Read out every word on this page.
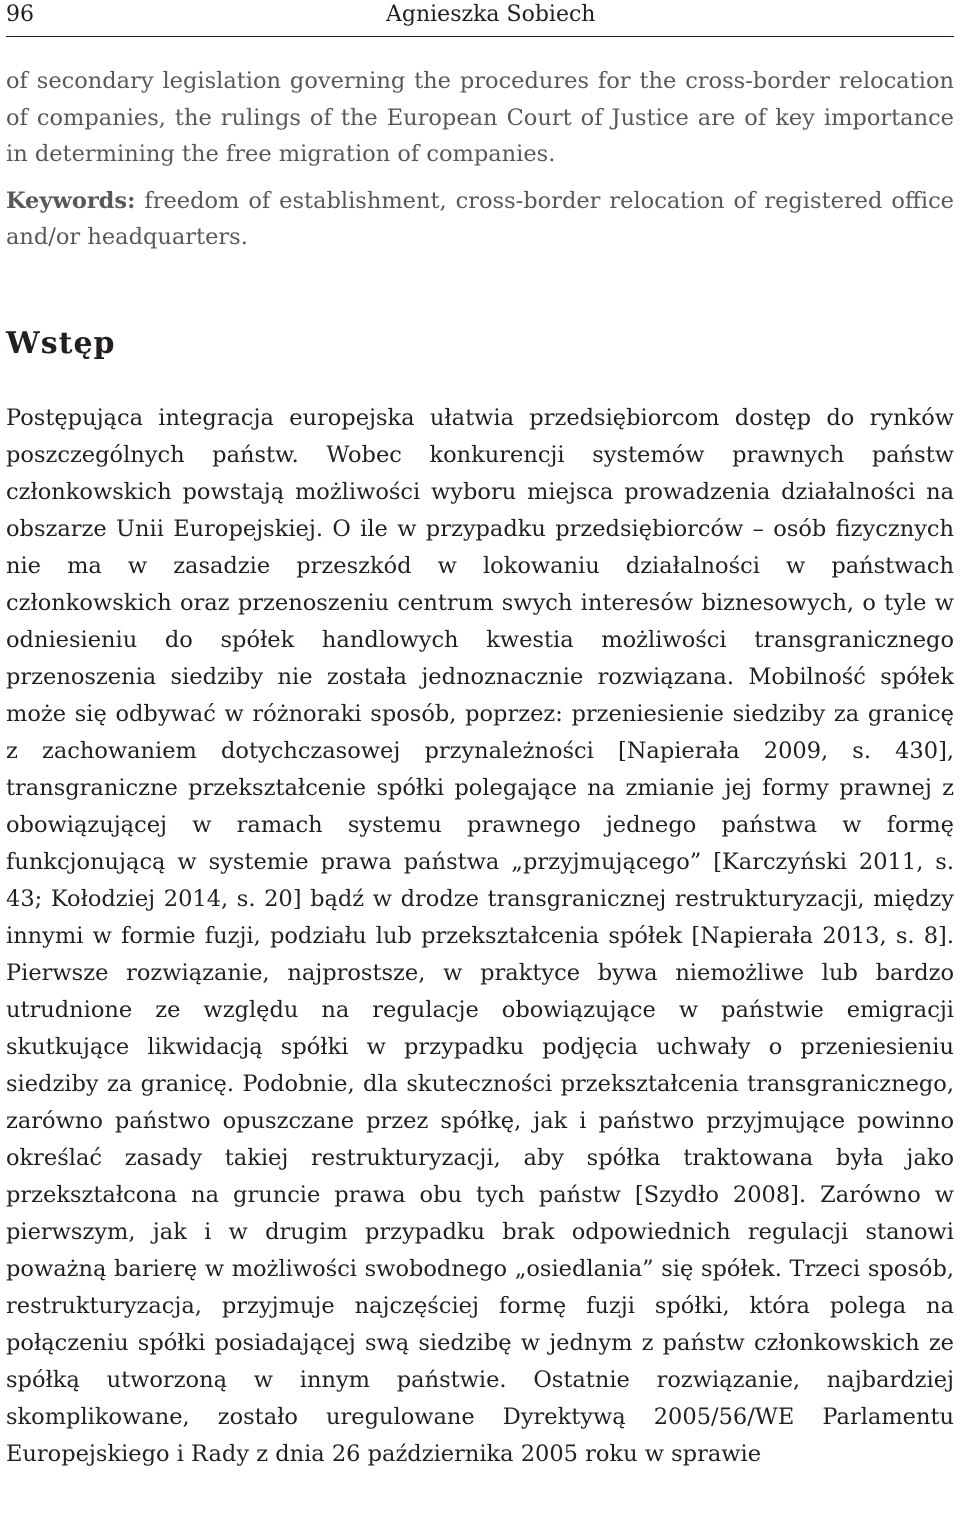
96	Agnieszka Sobiech

of secondary legislation governing the procedures for the cross-border relocation of companies, the rulings of the European Court of Justice are of key importance in determining the free migration of companies.

Keywords: freedom of establishment, cross-border relocation of registered office and/or headquarters.

Wstęp

Postępująca integracja europejska ułatwia przedsiębiorcom dostęp do rynków poszczególnych państw. Wobec konkurencji systemów prawnych państw członkowskich powstają możliwości wyboru miejsca prowadzenia działalności na obszarze Unii Europejskiej. O ile w przypadku przedsiębiorców – osób fizycznych nie ma w zasadzie przeszkód w lokowaniu działalności w państwach członkowskich oraz przenoszeniu centrum swych interesów biznesowych, o tyle w odniesieniu do spółek handlowych kwestia możliwości transgranicznego przenoszenia siedziby nie została jednoznacznie rozwiązana. Mobilność spółek może się odbywać w różnoraki sposób, poprzez: przeniesienie siedziby za granicę z zachowaniem dotychczasowej przynależności [Napierała 2009, s. 430], transgraniczne przekształcenie spółki polegające na zmianie jej formy prawnej z obowiązującej w ramach systemu prawnego jednego państwa w formę funkcjonującą w systemie prawa państwa „przyjmującego” [Karczyński 2011, s. 43; Kołodziej 2014, s. 20] bądź w drodze transgranicznej restrukturyzacji, między innymi w formie fuzji, podziału lub przekształcenia spółek [Napierała 2013, s. 8]. Pierwsze rozwiązanie, najprostsze, w praktyce bywa niemożliwe lub bardzo utrudnione ze względu na regulacje obowiązujące w państwie emigracji skutkujące likwidacją spółki w przypadku podjęcia uchwały o przeniesieniu siedziby za granicę. Podobnie, dla skuteczności przekształcenia transgranicznego, zarówno państwo opuszczane przez spółkę, jak i państwo przyjmujące powinno określać zasady takiej restrukturyzacji, aby spółka traktowana była jako przekształcona na gruncie prawa obu tych państw [Szydło 2008]. Zarówno w pierwszym, jak i w drugim przypadku brak odpowiednich regulacji stanowi poważną barierę w możliwości swobodnego „osiedlania” się spółek. Trzeci sposób, restrukturyzacja, przyjmuje najczęściej formę fuzji spółki, która polega na połączeniu spółki posiadającej swą siedzibę w jednym z państw członkowskich ze spółką utworzoną w innym państwie. Ostatnie rozwiązanie, najbardziej skomplikowane, zostało uregulowane Dyrektywą 2005/56/WE Parlamentu Europejskiego i Rady z dnia 26 października 2005 roku w sprawie
